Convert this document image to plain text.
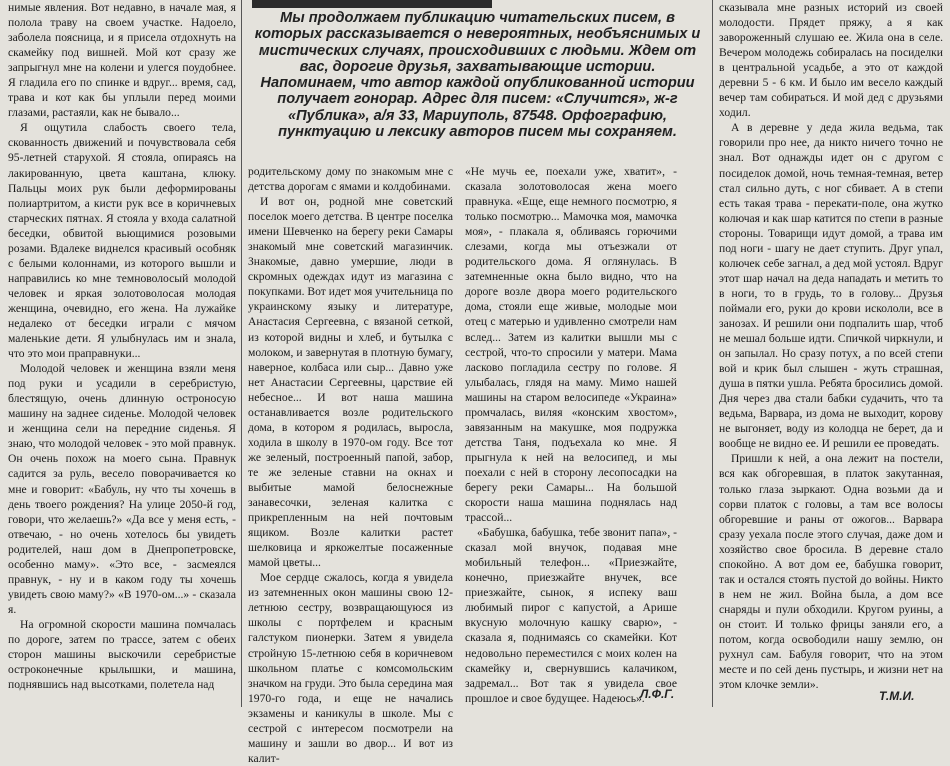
Мы продолжаем публикацию читательских писем, в которых рассказывается о невероятных, необъяснимых и мистических случаях, происходивших с людьми. Ждем от вас, дорогие друзья, захватывающие истории. Напоминаем, что автор каждой опубликованной истории получает гонорар. Адрес для писем: «Случится», ж-г «Публика», а/я 33, Мариуполь, 87548. Орфографию, пунктуацию и лексику авторов писем мы сохраняем.

нимые явления. Вот недавно, в начале мая, я полола траву на своем участке. Надоело, заболела поясница, и я присела отдохнуть на скамейку под вишней. Мой кот сразу же запрыгнул мне на колени и улегся поудобнее. Я гладила его по спинке и вдруг... время, сад, трава и кот как бы уплыли перед моими глазами, растаяли, как не бывало...

Я ощутила слабость своего тела, скованность движений и почувствовала себя 95-летней старухой. Я стояла, опираясь на лакированную, цвета каштана, клюку. Пальцы моих рук были деформированы полиартритом, а кисти рук все в коричневых старческих пятнах. Я стояла у входа салатной беседки, обвитой вьющимися розовыми розами. Вдалеке виднелся красивый особняк с белыми колоннами, из которого вышли и направились ко мне темноволосый молодой человек и яркая золотоволосая молодая женщина, очевидно, его жена. На лужайке недалеко от беседки играли с мячом маленькие дети. Я улыбнулась им и знала, что это мои праправнуки...

Молодой человек и женщина взяли меня под руки и усадили в серебристую, блестящую, очень длинную остроносую машину на заднее сиденье. Молодой человек и женщина сели на передние сиденья. Я знаю, что молодой человек - это мой правнук. Он очень похож на моего сына. Правнук садится за руль, весело поворачивается ко мне и говорит: «Бабуль, ну что ты хочешь в день твоего рождения? На улице 2050-й год, говори, что желаешь?» «Да все у меня есть, - отвечаю, - но очень хотелось бы увидеть родителей, наш дом в Днепропетровске, особенно маму». «Это все, - засмеялся правнук, - ну и в каком году ты хочешь увидеть свою маму?» «В 1970-ом...» - сказала я.

На огромной скорости машина помчалась по дороге, затем по трассе, затем с обеих сторон машины выскочили серебристые остроконечные крылышки, и машина, поднявшись над высотками, полетела над

родительскому дому по знакомым мне с детства дорогам с ямами и колдобинами.

И вот он, родной мне советский поселок моего детства. В центре поселка имени Шевченко на берегу реки Самары знакомый мне советский магазинчик. Знакомые, давно умершие, люди в скромных одеждах идут из магазина с покупками. Вот идет моя учительница по украинскому языку и литературе, Анастасия Сергеевна, с вязаной сеткой, из которой видны и хлеб, и бутылка с молоком, и завернутая в плотную бумагу, наверное, колбаса или сыр... Давно уже нет Анастасии Сергеевны, царствие ей небесное... И вот наша машина останавливается возле родительского дома, в котором я родилась, выросла, ходила в школу в 1970-ом году. Все тот же зеленый, построенный папой, забор, те же зеленые ставни на окнах и выбитые мамой белоснежные занавесочки, зеленая калитка с прикрепленным на ней почтовым ящиком. Возле калитки растет шелковица и яркожелтые посаженные мамой цветы...

Мое сердце сжалось, когда я увидела из затемненных окон машины свою 12-летнюю сестру, возвращающуюся из школы с портфелем и красным галстуком пионерки. Затем я увидела стройную 15-летнюю себя в коричневом школьном платье с комсомольским значком на груди. Это была середина мая 1970-го года, и еще не начались экзамены и каникулы в школе. Мы с сестрой с интересом посмотрели на машину и зашли во двор... И вот из калит-

«Не мучь ее, поехали уже, хватит», - сказала золотоволосая жена моего правнука. «Еще, еще немного посмотрю, я только посмотрю... Мамочка моя, мамочка моя», - плакала я, обливаясь горючими слезами, когда мы отъезжали от родительского дома. Я оглянулась. В затемненные окна было видно, что на дороге возле двора моего родительского дома, стояли еще живые, молодые мои отец с матерью и удивленно смотрели нам вслед... Затем из калитки вышли мы с сестрой, что-то спросили у матери. Мама ласково погладила сестру по голове. Я улыбалась, глядя на маму. Мимо нашей машины на старом велосипеде «Украина» промчалась, виляя «конским хвостом», завязанным на макушке, моя подружка детства Таня, подъехала ко мне. Я прыгнула к ней на велосипед, и мы поехали с ней в сторону лесопосадки на берегу реки Самары... На большой скорости наша машина поднялась над трассой...

«Бабушка, бабушка, тебе звонит папа», - сказал мой внучок, подавая мне мобильный телефон... «Приезжайте, конечно, приезжайте внучек, все приезжайте, сынок, я испеку ваш любимый пирог с капустой, а Арише вкусную молочную кашку сварю», - сказала я, поднимаясь со скамейки. Кот недовольно переместился с моих колен на скамейку и, свернувшись калачиком, задремал... Вот так я увидела свое прошлое и свое будущее. Надеюсь».

сказывала мне разных историй из своей молодости. Прядет пряжу, а я как завороженный слушаю ее. Жила она в селе. Вечером молодежь собиралась на посиделки в центральной усадьбе, а это от каждой деревни 5 - 6 км. И было им весело каждый вечер там собираться. И мой дед с друзьями ходил.

А в деревне у деда жила ведьма, так говорили про нее, да никто ничего точно не знал. Вот однажды идет он с другом с посиделок домой, ночь темная-темная, ветер стал сильно дуть, с ног сбивает. А в степи есть такая трава - перекати-поле, она жутко колючая и как шар катится по степи в разные стороны. Товарищи идут домой, а трава им под ноги - шагу не дает ступить. Друг упал, колючек себе загнал, а дед мой устоял. Вдруг этот шар начал на деда нападать и метить то в ноги, то в грудь, то в голову... Друзья поймали его, руки до крови искололи, все в занозах. И решили они подпалить шар, чтоб не мешал больше идти. Спичкой чиркнули, и он запылал. Но сразу потух, а по всей степи вой и крик был слышен - жуть страшная, душа в пятки ушла. Ребята бросились домой. Дня через два стали бабки судачить, что та ведьма, Варвара, из дома не выходит, корову не выгоняет, воду из колодца не берет, да и вообще не видно ее. И решили ее проведать.

Пришли к ней, а она лежит на постели, вся как обгоревшая, в платок закутанная, только глаза зыркают. Одна возьми да и сорви платок с головы, а там все волосы обгоревшие и раны от ожогов... Варвара сразу уехала после этого случая, даже дом и хозяйство свое бросила. В деревне стало спокойно. А вот дом ее, бабушка говорит, так и остался стоять пустой до войны. Никто в нем не жил. Война была, а дом все снаряды и пули обходили. Кругом руины, а он стоит. И только фрицы заняли его, а потом, когда освободили нашу землю, он рухнул сам. Бабуля говорит, что на этом месте и по сей день пустырь, и жизни нет на этом клочке земли».

Л.Ф.Г.	Т.М.И.
